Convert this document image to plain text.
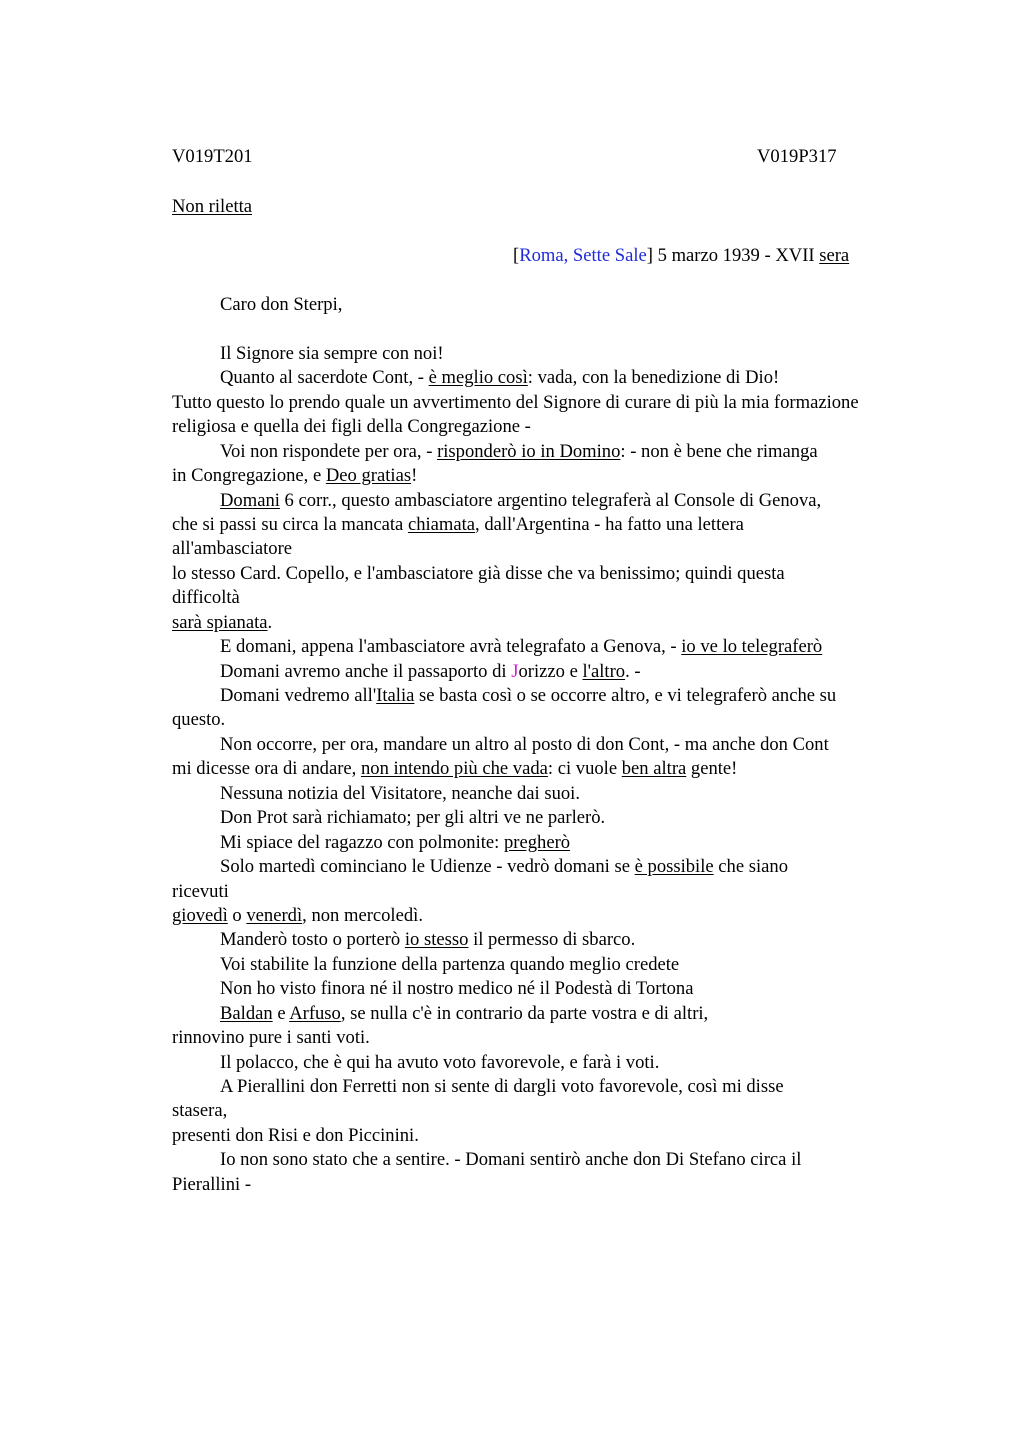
V019T201	V019P317
Non riletta
[Roma, Sette Sale] 5 marzo 1939 - XVII sera
Caro don Sterpi,
Il Signore sia sempre con noi!
Quanto al sacerdote Cont, - è meglio così: vada, con la benedizione di Dio!
Tutto questo lo prendo quale un avvertimento del Signore di curare di più la mia formazione
religiosa e quella dei figli della Congregazione -
Voi non rispondete per ora, - risponderò io in Domino: - non è bene che rimanga
in Congregazione, e Deo gratias!
Domani 6 corr., questo ambasciatore argentino telegraferà al Console di Genova,
che si passi su circa la mancata chiamata, dall'Argentina - ha fatto una lettera
all'ambasciatore
lo stesso Card. Copello, e l'ambasciatore già disse che va benissimo; quindi questa
difficoltà
sarà spianata.
E domani, appena l'ambasciatore avrà telegrafato a Genova, - io ve lo telegraferò
Domani avremo anche il passaporto di Jorizzo e l'altro. -
Domani vedremo all'Italia se basta così o se occorre altro, e vi telegraferò anche su
questo.
Non occorre, per ora, mandare un altro al posto di don Cont, - ma anche don Cont
mi dicesse ora di andare, non intendo più che vada: ci vuole ben altra gente!
Nessuna notizia del Visitatore, neanche dai suoi.
Don Prot sarà richiamato; per gli altri ve ne parlerò.
Mi spiace del ragazzo con polmonite: pregherò
Solo martedì cominciano le Udienze - vedrò domani se è possibile che siano
ricevuti
giovedì o venerdì, non mercoledì.
Manderò tosto o porterò io stesso il permesso di sbarco.
Voi stabilite la funzione della partenza quando meglio credete
Non ho visto finora né il nostro medico né il Podestà di Tortona
Baldan e Arfuso, se nulla c'è in contrario da parte vostra e di altri,
rinnovino pure i santi voti.
Il polacco, che è qui ha avuto voto favorevole, e farà i voti.
A Pierallini don Ferretti non si sente di dargli voto favorevole, così mi disse
stasera,
presenti don Risi e don Piccinini.
Io non sono stato che a sentire. - Domani sentirò anche don Di Stefano circa il
Pierallini -
